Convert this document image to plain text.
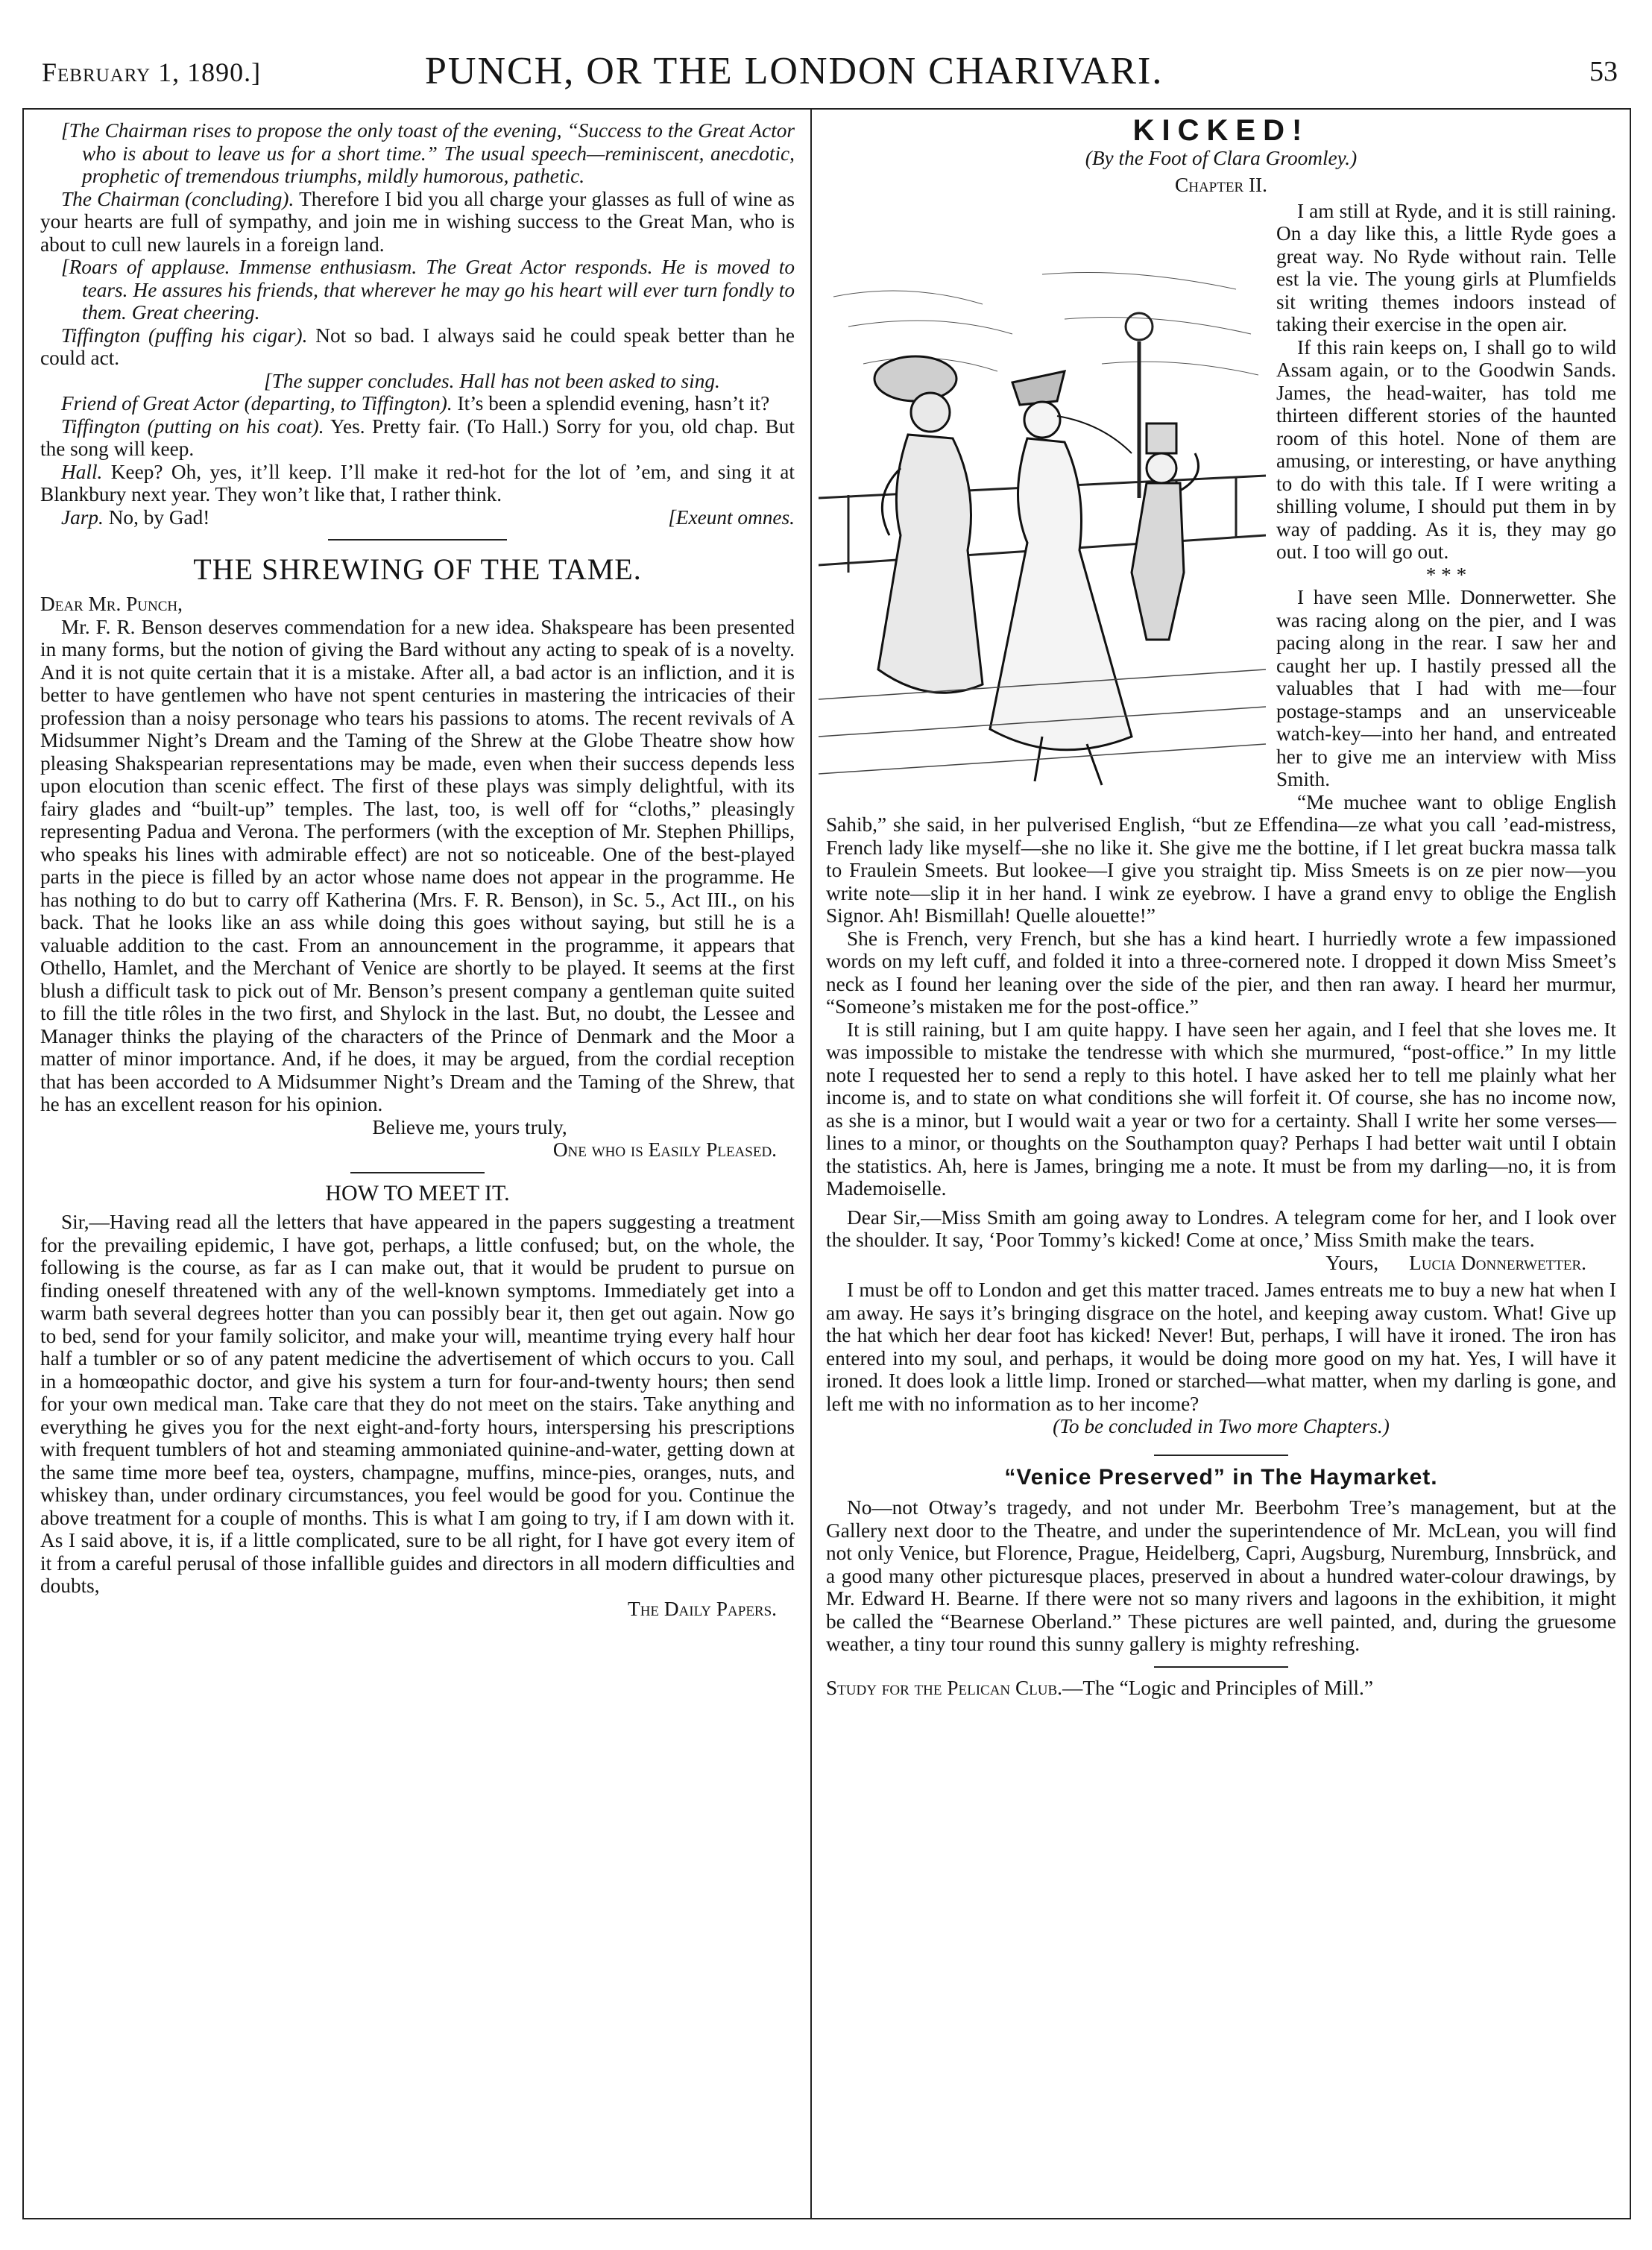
February 1, 1890.]	PUNCH, OR THE LONDON CHARIVARI.	53

[The Chairman rises to propose the only toast of the evening, “Success to the Great Actor who is about to leave us for a short time.” The usual speech—reminiscent, anecdotic, prophetic of tremendous triumphs, mildly humorous, pathetic.

The Chairman (concluding). Therefore I bid you all charge your glasses as full of wine as your hearts are full of sympathy, and join me in wishing success to the Great Man, who is about to cull new laurels in a foreign land.

[Roars of applause. Immense enthusiasm. The Great Actor responds. He is moved to tears. He assures his friends, that wherever he may go his heart will ever turn fondly to them. Great cheering.

Tiffington (puffing his cigar). Not so bad. I always said he could speak better than he could act.

[The supper concludes. Hall has not been asked to sing.

Friend of Great Actor (departing, to Tiffington). It’s been a splendid evening, hasn’t it?

Tiffington (putting on his coat). Yes. Pretty fair. (To Hall.) Sorry for you, old chap. But the song will keep.

Hall. Keep? Oh, yes, it’ll keep. I’ll make it red-hot for the lot of ’em, and sing it at Blankbury next year. They won’t like that, I rather think.

Jarp. No, by Gad!	[Exeunt omnes.

THE SHREWING OF THE TAME.

Dear Mr. Punch,

Mr. F. R. Benson deserves commendation for a new idea. Shakspeare has been presented in many forms, but the notion of giving the Bard without any acting to speak of is a novelty. And it is not quite certain that it is a mistake. After all, a bad actor is an infliction, and it is better to have gentlemen who have not spent centuries in mastering the intricacies of their profession than a noisy personage who tears his passions to atoms. The recent revivals of A Midsummer Night’s Dream and the Taming of the Shrew at the Globe Theatre show how pleasing Shakspearian representations may be made, even when their success depends less upon elocution than scenic effect. The first of these plays was simply delightful, with its fairy glades and “built-up” temples. The last, too, is well off for “cloths,” pleasingly representing Padua and Verona. The performers (with the exception of Mr. Stephen Phillips, who speaks his lines with admirable effect) are not so noticeable. One of the best-played parts in the piece is filled by an actor whose name does not appear in the programme. He has nothing to do but to carry off Katherina (Mrs. F. R. Benson), in Sc. 5., Act III., on his back. That he looks like an ass while doing this goes without saying, but still he is a valuable addition to the cast. From an announcement in the programme, it appears that Othello, Hamlet, and the Merchant of Venice are shortly to be played. It seems at the first blush a difficult task to pick out of Mr. Benson’s present company a gentleman quite suited to fill the title rôles in the two first, and Shylock in the last. But, no doubt, the Lessee and Manager thinks the playing of the characters of the Prince of Denmark and the Moor a matter of minor importance. And, if he does, it may be argued, from the cordial reception that has been accorded to A Midsummer Night’s Dream and the Taming of the Shrew, that he has an excellent reason for his opinion.

Believe me, yours truly,

One who is Easily Pleased.

HOW TO MEET IT.

Sir,—Having read all the letters that have appeared in the papers suggesting a treatment for the prevailing epidemic, I have got, perhaps, a little confused; but, on the whole, the following is the course, as far as I can make out, that it would be prudent to pursue on finding oneself threatened with any of the well-known symptoms. Immediately get into a warm bath several degrees hotter than you can possibly bear it, then get out again. Now go to bed, send for your family solicitor, and make your will, meantime trying every half hour half a tumbler or so of any patent medicine the advertisement of which occurs to you. Call in a homœopathic doctor, and give his system a turn for four-and-twenty hours; then send for your own medical man. Take care that they do not meet on the stairs. Take anything and everything he gives you for the next eight-and-forty hours, interspersing his prescriptions with frequent tumblers of hot and steaming ammoniated quinine-and-water, getting down at the same time more beef tea, oysters, champagne, muffins, mince-pies, oranges, nuts, and whiskey than, under ordinary circumstances, you feel would be good for you. Continue the above treatment for a couple of months. This is what I am going to try, if I am down with it. As I said above, it is, if a little complicated, sure to be all right, for I have got every item of it from a careful perusal of those infallible guides and directors in all modern difficulties and doubts,

The Daily Papers.

KICKED!

(By the Foot of Clara Groomley.)

Chapter II.

I am still at Ryde, and it is still raining. On a day like this, a little Ryde goes a great way. No Ryde without rain. Telle est la vie. The young girls at Plumfields sit writing themes indoors instead of taking their exercise in the open air.

If this rain keeps on, I shall go to wild Assam again, or to the Goodwin Sands. James, the head-waiter, has told me thirteen different stories of the haunted room of this hotel. None of them are amusing, or interesting, or have anything to do with this tale. If I were writing a shilling volume, I should put them in by way of padding. As it is, they may go out. I too will go out.

* * *

I have seen Mlle. Donnerwetter. She was racing along on the pier, and I was pacing along in the rear. I saw her and caught her up. I hastily pressed all the valuables that I had with me—four postage-stamps and an unserviceable watch-key—into her hand, and entreated her to give me an interview with Miss Smith.

“Me muchee want to oblige English Sahib,” she said, in her pulverised English, “but ze Effendina—ze what you call ’ead-mistress, French lady like myself—she no like it. She give me the bottine, if I let great buckra massa talk to Fraulein Smeets. But lookee—I give you straight tip. Miss Smeets is on ze pier now—you write note—slip it in her hand. I wink ze eyebrow. I have a grand envy to oblige the English Signor. Ah! Bismillah! Quelle alouette!”

She is French, very French, but she has a kind heart. I hurriedly wrote a few impassioned words on my left cuff, and folded it into a three-cornered note. I dropped it down Miss Smeet’s neck as I found her leaning over the side of the pier, and then ran away. I heard her murmur, “Someone’s mistaken me for the post-office.”

It is still raining, but I am quite happy. I have seen her again, and I feel that she loves me. It was impossible to mistake the tendresse with which she murmured, “post-office.” In my little note I requested her to send a reply to this hotel. I have asked her to tell me plainly what her income is, and to state on what conditions she will forfeit it. Of course, she has no income now, as she is a minor, but I would wait a year or two for a certainty. Shall I write her some verses—lines to a minor, or thoughts on the Southampton quay? Perhaps I had better wait until I obtain the statistics. Ah, here is James, bringing me a note. It must be from my darling—no, it is from Mademoiselle.

Dear Sir,—Miss Smith am going away to Londres. A telegram come for her, and I look over the shoulder. It say, ‘Poor Tommy’s kicked! Come at once,’ Miss Smith make the tears.

Yours, Lucia Donnerwetter.

I must be off to London and get this matter traced. James entreats me to buy a new hat when I am away. He says it’s bringing disgrace on the hotel, and keeping away custom. What! Give up the hat which her dear foot has kicked! Never! But, perhaps, I will have it ironed. The iron has entered into my soul, and perhaps, it would be doing more good on my hat. Yes, I will have it ironed. It does look a little limp. Ironed or starched—what matter, when my darling is gone, and left me with no information as to her income?

(To be concluded in Two more Chapters.)

“Venice Preserved” in The Haymarket.

No—not Otway’s tragedy, and not under Mr. Beerbohm Tree’s management, but at the Gallery next door to the Theatre, and under the superintendence of Mr. McLean, you will find not only Venice, but Florence, Prague, Heidelberg, Capri, Augsburg, Nuremburg, Innsbrück, and a good many other picturesque places, preserved in about a hundred water-colour drawings, by Mr. Edward H. Bearne. If there were not so many rivers and lagoons in the exhibition, it might be called the “Bearnese Oberland.” These pictures are well painted, and, during the gruesome weather, a tiny tour round this sunny gallery is mighty refreshing.

Study for the Pelican Club.—The “Logic and Principles of Mill.”
